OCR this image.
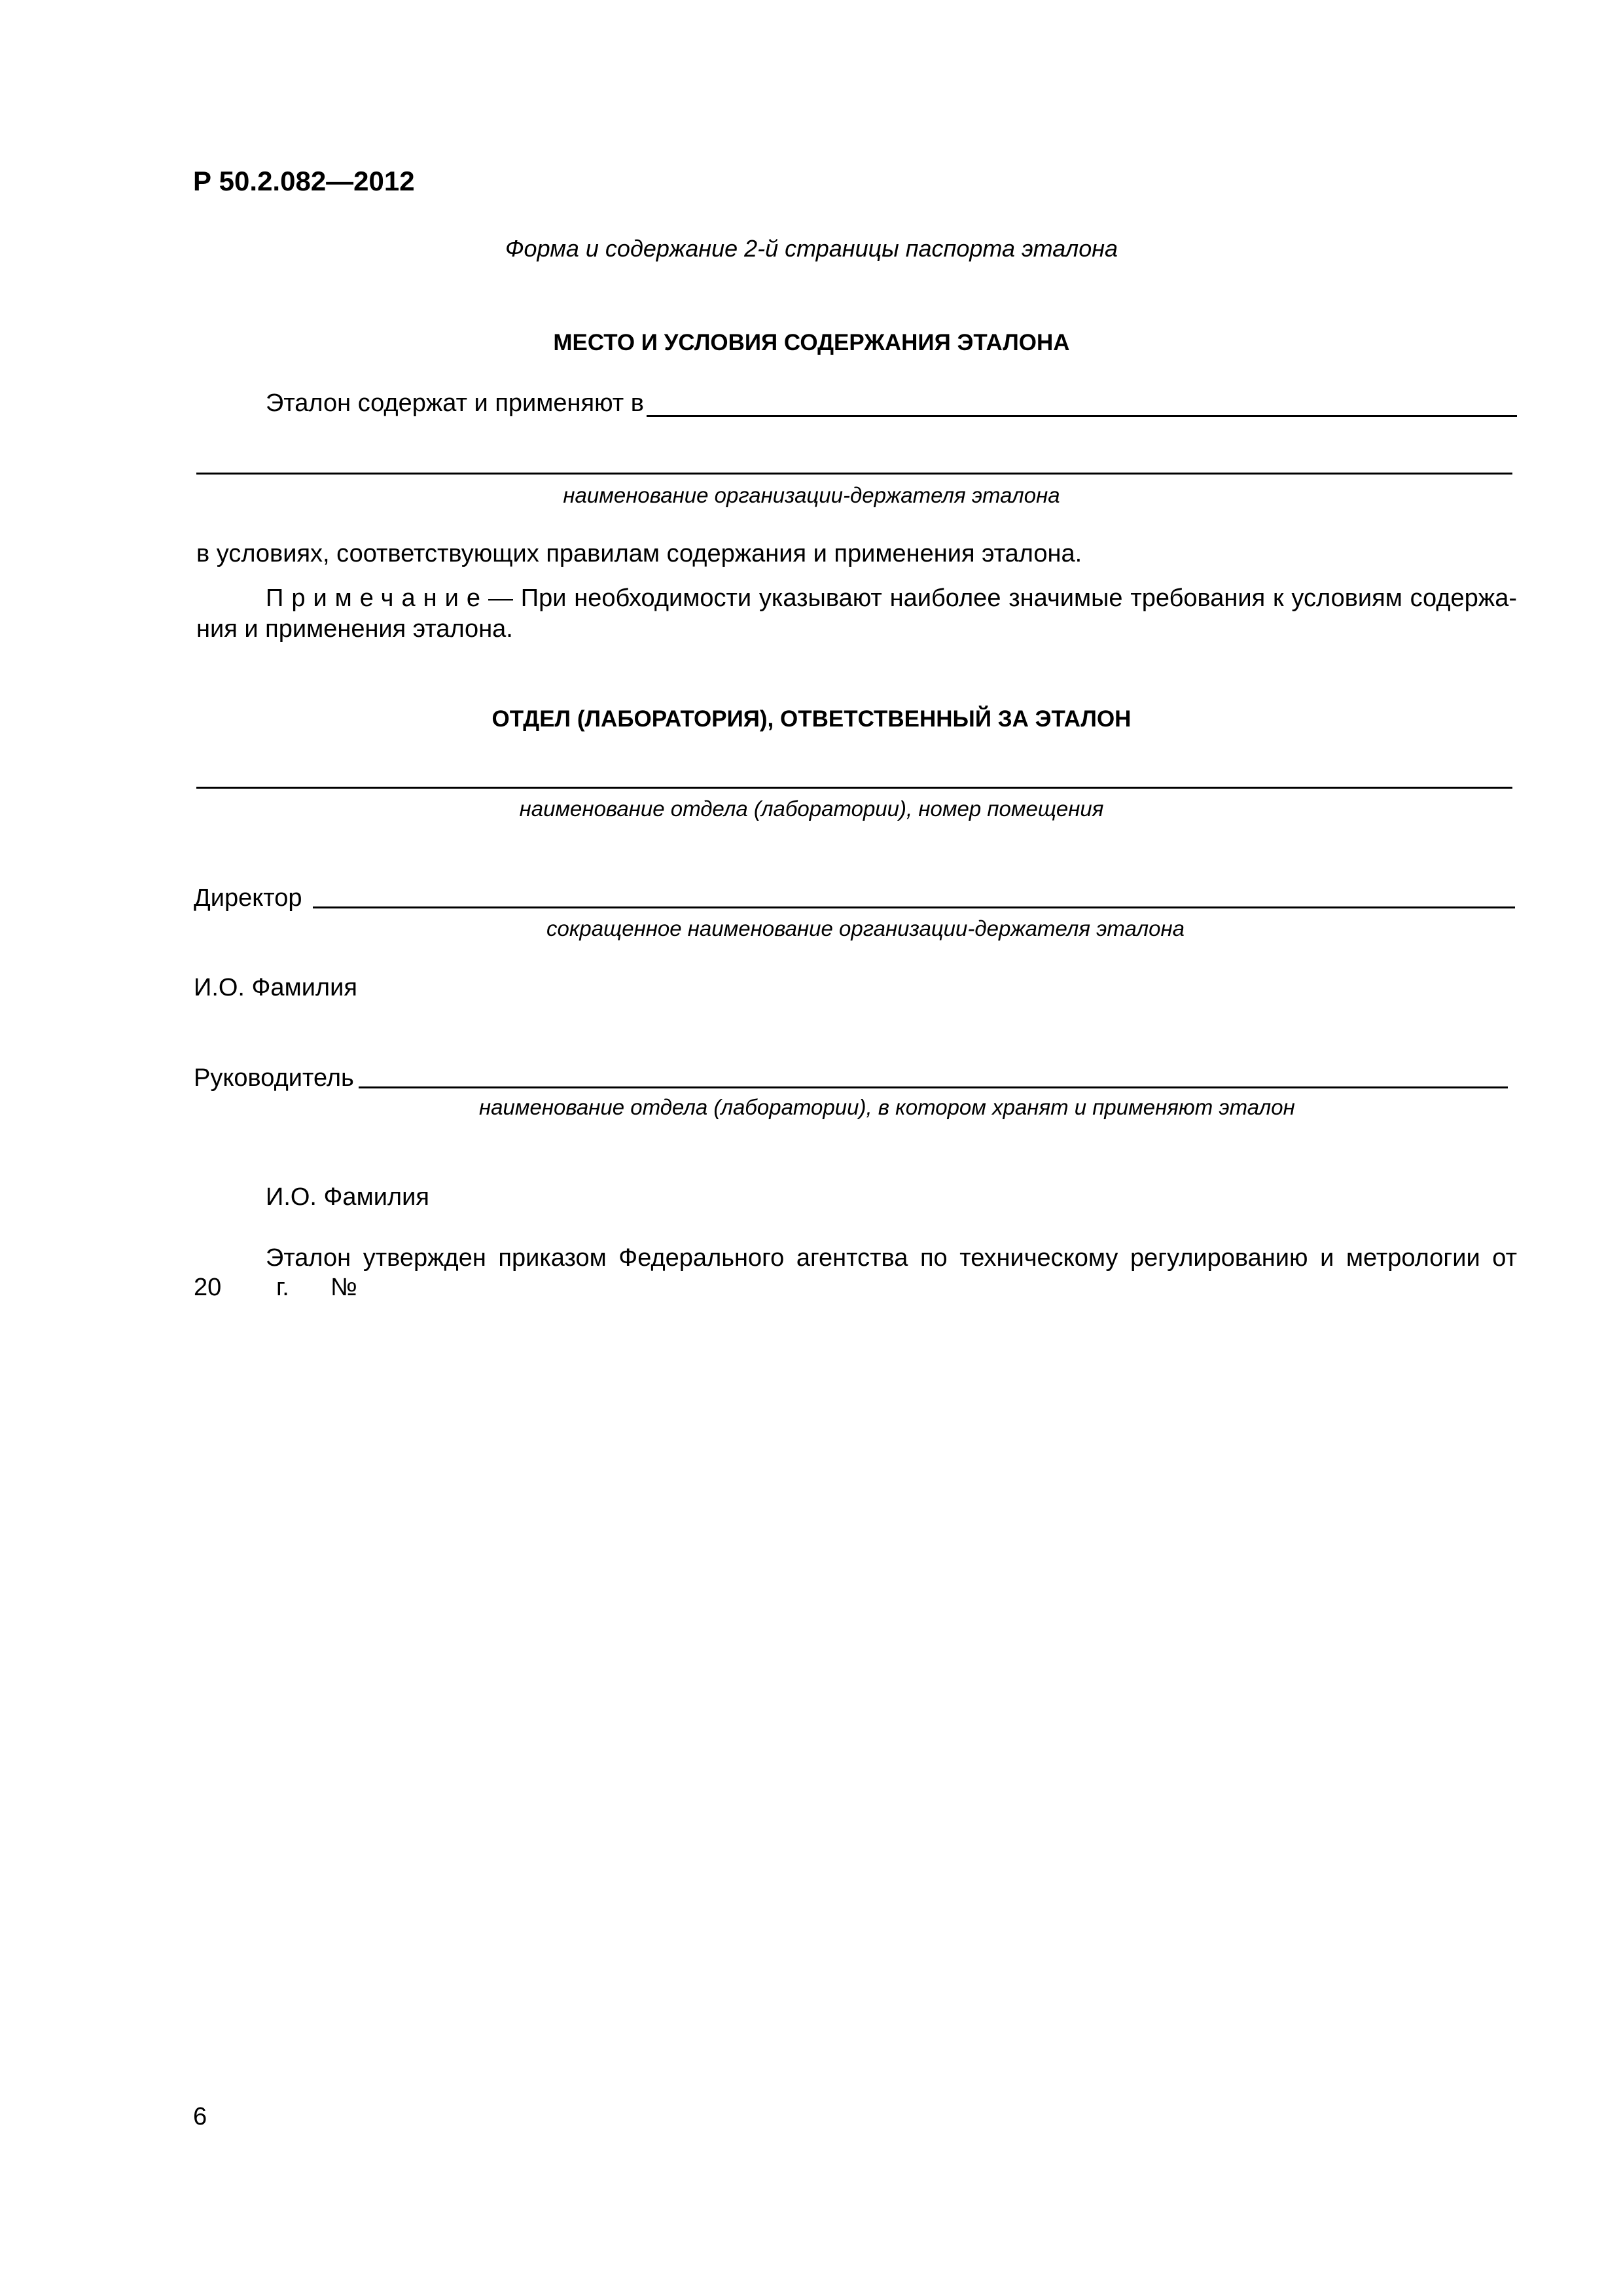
Р 50.2.082—2012
Форма и содержание 2-й страницы паспорта эталона
МЕСТО И УСЛОВИЯ СОДЕРЖАНИЯ ЭТАЛОНА
Эталон содержат и применяют в
наименование организации-держателя эталона
в условиях, соответствующих правилам содержания и применения эталона.
Примечание — При необходимости указывают наиболее значимые требования к условиям содержа-
ния и применения эталона.
ОТДЕЛ (ЛАБОРАТОРИЯ), ОТВЕТСТВЕННЫЙ ЗА ЭТАЛОН
наименование отдела (лаборатории), номер помещения
Директор
сокращенное наименование организации-держателя эталона
И.О. Фамилия
Руководитель
наименование отдела (лаборатории), в котором хранят и применяют эталон
И.О. Фамилия
Эталон утвержден приказом Федерального агентства по техническому регулированию и метрологии от
20 г. №
6
